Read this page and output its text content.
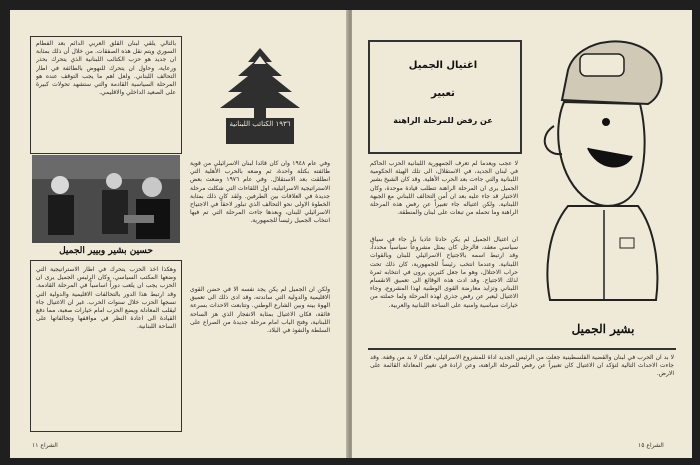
بالتالي يلقي لبنان القلق العربي الدائم بعد الفطام السوري ويتم نقل هذه الصفقات. من خلال أن ذلك بمثابة ان جديد هو حزب الكتائب اللبنانية الذي يتحرك بحذر ورعاية، وحاول ان يتحرك للنهوض بالطائفة في اطار التحالف اللبناني. ولعل اهم ما يجب التوقف عنده هو المرحلة السياسية القادمة والتي ستشهد تحولات كبيرة على الصعيد الداخلي والاقليمي.
حسين بشير وبيير الجميل
وهكذا اخذ الحزب يتحرك في اطار الاستراتيجية التي وضعها المكتب السياسي، وكان الرئيس الجميل يرى ان الحزب يجب ان يلعب دوراً اساسياً في المرحلة القادمة. وقد ارتبط هذا الدور بالتحالفات الاقليمية والدولية التي نسجها الحزب خلال سنوات الحرب. غير ان الاغتيال جاء ليقلب المعادلة ويضع الحزب امام خيارات صعبة، مما دفع القيادة الى اعادة النظر في مواقفها وتحالفاتها على الساحة اللبنانية.
١٩٣٦ الكتائب اللبنانية
وفي عام ١٩٤٨ وان كان قائداً لبنان الاسرائيلي من قوية طائفته بكتلة واحدة، ثم وضعه بالحرب الأهلية التي انطلقت بعد الاستقلال. وفي عام ١٩٧٦ وضعت بعض الاستراتيجية الاسرائيلية، اول اللقاءات التي شكلت مرحلة جديدة في العلاقات بين الطرفين. ولقد كان ذلك بمثابة الخطوة الاولى نحو التحالف الذي تبلور لاحقاً في الاجتياح الاسرائيلي للبنان، وبعدها جاءت المرحلة التي تم فيها انتخاب الجميل رئيساً للجمهورية.
ولكن ان الجميل لم يكن يجد نفسه الا في حضن القوى الاقليمية والدولية التي ساندته، وقد ادى ذلك الى تعميق الهوة بينه وبين الشارع الوطني. وتتابعت الاحداث بسرعة فائقة، فكان الاغتيال بمثابة الانفجار الذي هز الساحة اللبنانية، وفتح الباب امام مرحلة جديدة من الصراع على السلطة والنفوذ في البلاد.
الشراع ١١
اغتيال الجميل
تعبير
عن رفض للمرحلة الراهنة
لا عجب ويعدما لم تعرف الجمهورية اللبنانية الحزب الحاكم في لبنان الجديد، في الاستقلال، الى تلك الهيئة الحكومية اللبنانية والتي جاءت بعد الحرب الأهلية. وقد كان الشيخ بشير الجميل يرى ان المرحلة الراهنة تتطلب قيادة موحدة، وكان الاختيار قد جاء عليه بعد ان أمن التحالف اللبناني مع الجبهة اللبنانية. ولكن اغتياله جاء تعبيراً عن رفض هذه المرحلة الراهنة وما تحمله من تبعات على لبنان والمنطقة.
ان اغتيال الجميل لم يكن حادثاً عادياً بل جاء في سياق سياسي معقد، فالرجل كان يمثل مشروعاً سياسياً محدداً، وقد ارتبط اسمه بالاجتياح الاسرائيلي للبنان وبالقوات اللبنانية. وعندما انتخب رئيساً للجمهورية، كان ذلك تحت حراب الاحتلال، وهو ما جعل كثيرين يرون في انتخابه ثمرة لذلك الاجتياح. وقد ادت هذه الوقائع الى تعميق الانقسام اللبناني وتزايد معارضة القوى الوطنية لهذا المشروع، وجاء الاغتيال ليعبر عن رفض جذري لهذه المرحلة ولما حملته من خيارات سياسية وامنية على الساحة اللبنانية والعربية.
بشير الجميل
لا بد ان الحرب في لبنان والقضية الفلسطينية جعلت من الرئيس الجديد اداة للمشروع الاسرائيلي، فكان لا بد من وقفة. وقد جاءت الاحداث التالية لتؤكد ان الاغتيال كان تعبيراً عن رفض للمرحلة الراهنة، وعن ارادة في تغيير المعادلة القائمة على الارض.
الشراع ١٥
